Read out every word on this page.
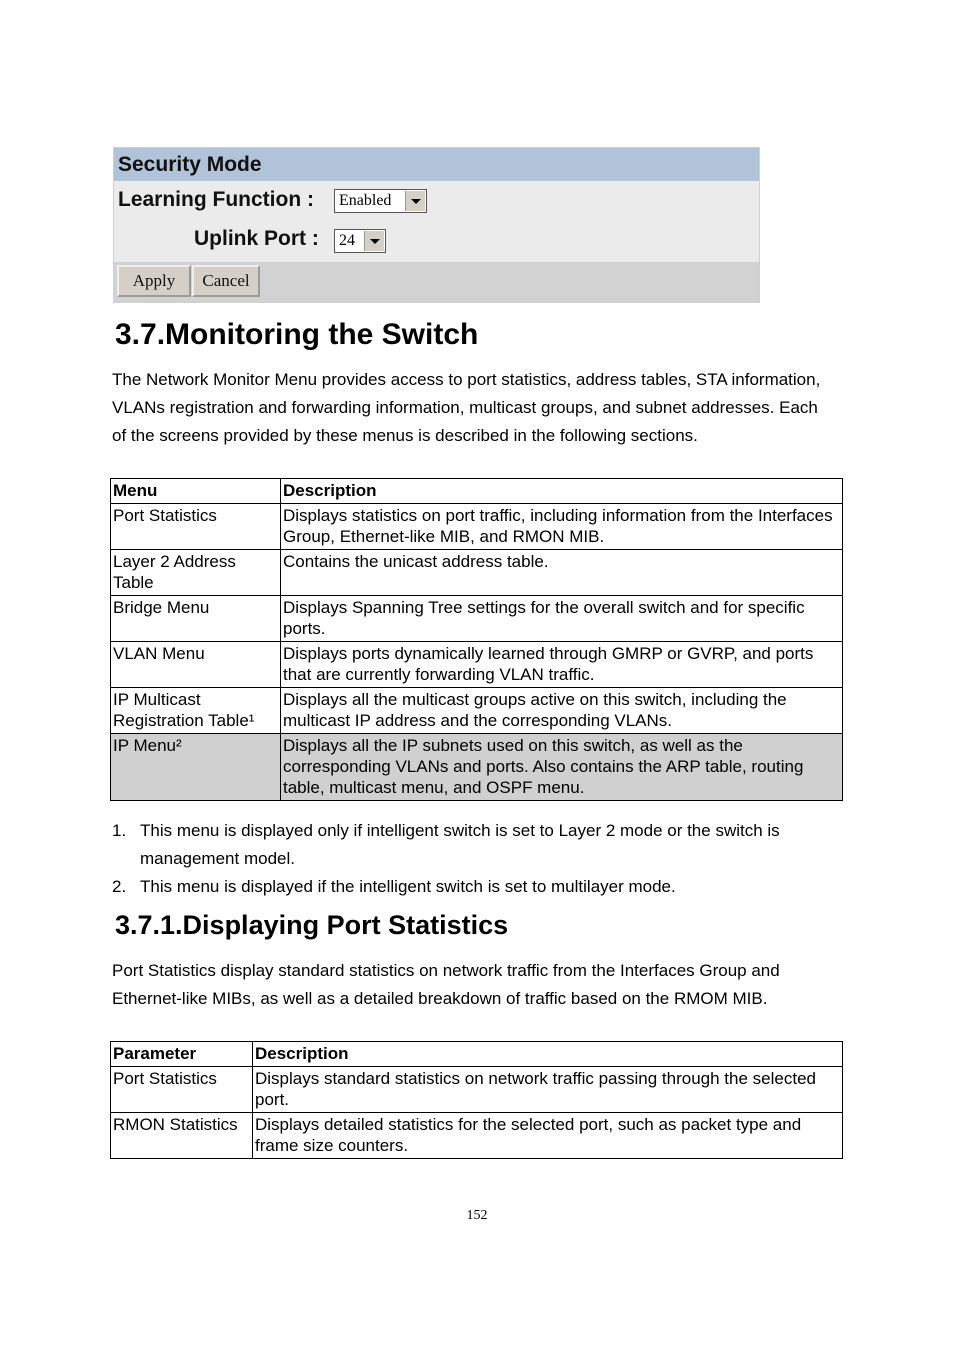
Security Mode
Learning Function :	Enabled
Uplink Port :	24
Apply	Cancel
3.7.Monitoring the Switch

The Network Monitor Menu provides access to port statistics, address tables, STA information, VLANs registration and forwarding information, multicast groups, and subnet addresses. Each of the screens provided by these menus is described in the following sections.

Menu	Description
Port Statistics	Displays statistics on port traffic, including information from the Interfaces Group, Ethernet-like MIB, and RMON MIB.
Layer 2 Address Table	Contains the unicast address table.
Bridge Menu	Displays Spanning Tree settings for the overall switch and for specific ports.
VLAN Menu	Displays ports dynamically learned through GMRP or GVRP, and ports that are currently forwarding VLAN traffic.
IP Multicast Registration Table¹	Displays all the multicast groups active on this switch, including the multicast IP address and the corresponding VLANs.
IP Menu²	Displays all the IP subnets used on this switch, as well as the corresponding VLANs and ports. Also contains the ARP table, routing table, multicast menu, and OSPF menu.
1. This menu is displayed only if intelligent switch is set to Layer 2 mode or the switch is management model.
2. This menu is displayed if the intelligent switch is set to multilayer mode.
3.7.1.Displaying Port Statistics

Port Statistics display standard statistics on network traffic from the Interfaces Group and Ethernet-like MIBs, as well as a detailed breakdown of traffic based on the RMOM MIB.

Parameter	Description
Port Statistics	Displays standard statistics on network traffic passing through the selected port.
RMON Statistics	Displays detailed statistics for the selected port, such as packet type and frame size counters.
152
